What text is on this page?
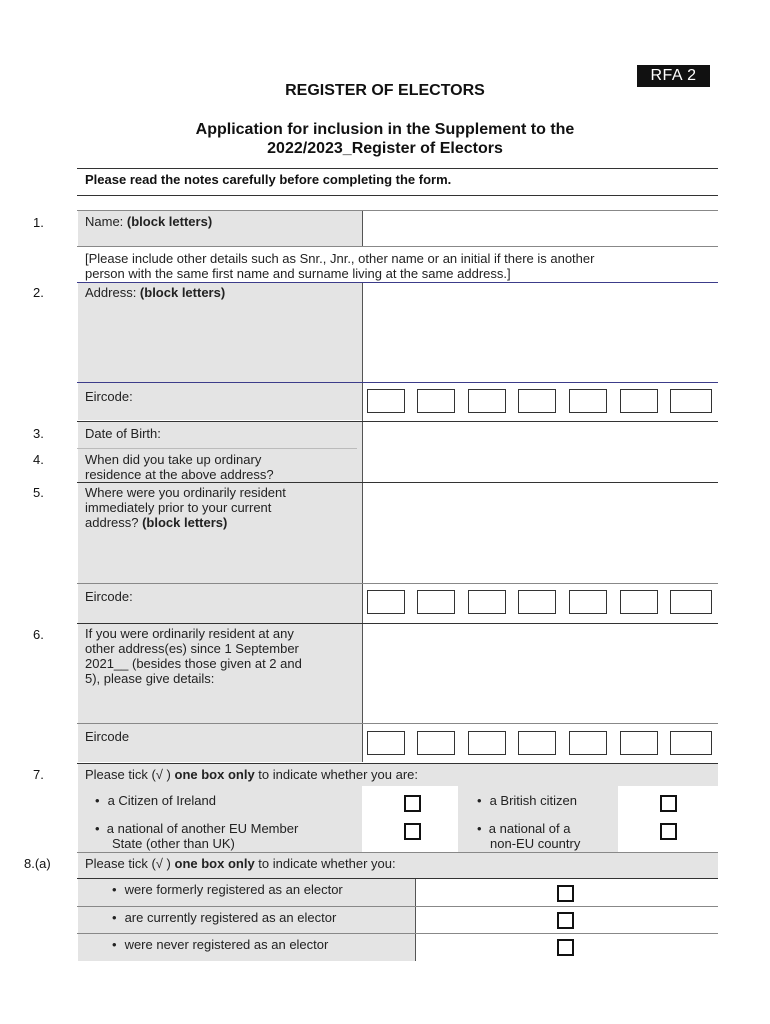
RFA 2
REGISTER OF ELECTORS
Application for inclusion in the Supplement to the
2022/2023_Register of Electors
Please read the notes carefully before completing the form.
1.	Name: (block letters)
[Please include other details such as Snr., Jnr., other name or an initial if there is another
person with the same first name and surname living at the same address.]
2.	Address: (block letters)
Eircode:
3.	Date of Birth:
4.	When did you take up ordinary
residence at the above address?
5.	Where were you ordinarily resident
immediately prior to your current
address? (block letters)
Eircode:
6.	If you were ordinarily resident at any
other address(es) since 1 September
2021__ (besides those given at 2 and
5), please give details:
Eircode
7.	Please tick (√ ) one box only to indicate whether you are:
• a Citizen of Ireland
•	a British citizen
• a national of another EU Member
State (other than UK)
• a national of a
non-EU country
8.(a)	Please tick (√ ) one box only to indicate whether you:
• were formerly registered as an elector
• are currently registered as an elector
• were never registered as an elector
